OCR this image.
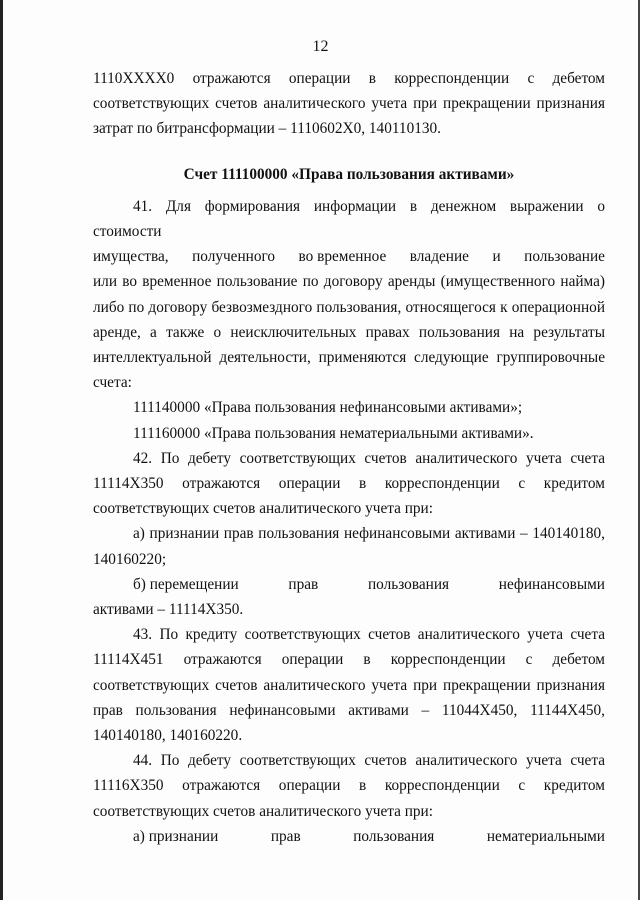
12
1110ХХХХ0 отражаются операции в корреспонденции с дебетом
соответствующих счетов аналитического учета при прекращении признания
затрат по битрансформации – 1110602Х0, 140110130.

Счет 111100000 «Права пользования активами»

41. Для формирования информации в денежном выражении о стоимости
имущества, полученного во временное владение и пользование
или во временное пользование по договору аренды (имущественного найма)
либо по договору безвозмездного пользования, относящегося к операционной
аренде, а также о неисключительных правах пользования на результаты
интеллектуальной деятельности, применяются следующие группировочные
счета:

111140000 «Права пользования нефинансовыми активами»;

111160000 «Права пользования нематериальными активами».

42. По дебету соответствующих счетов аналитического учета счета
11114Х350 отражаются операции в корреспонденции с кредитом
соответствующих счетов аналитического учета при:
а) признании прав пользования нефинансовыми активами – 140140180,
140160220;
б) перемещении	прав	пользования	нефинансовыми
активами – 11114Х350.
43. По кредиту соответствующих счетов аналитического учета счета
11114Х451 отражаются операции в корреспонденции с дебетом
соответствующих счетов аналитического учета при прекращении признания
прав пользования нефинансовыми активами – 11044Х450, 11144Х450,
140140180, 140160220.
44. По дебету соответствующих счетов аналитического учета счета
11116Х350 отражаются операции в корреспонденции с кредитом
соответствующих счетов аналитического учета при:
а) признании	прав	пользования	нематериальными
